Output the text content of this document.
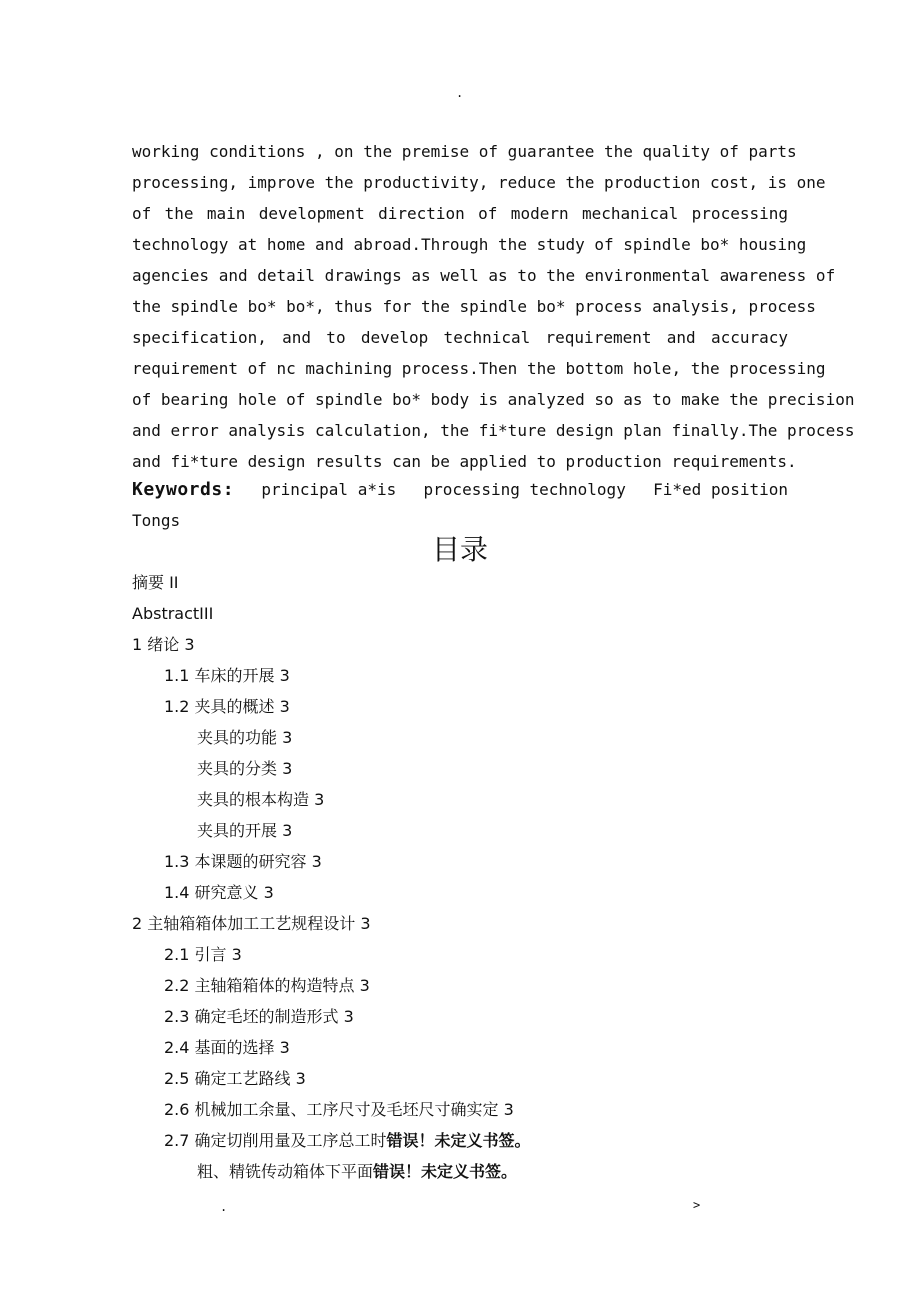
.
working conditions , on the premise of guarantee the quality of parts
processing, improve the productivity, reduce the production cost, is one
of the main development direction of modern mechanical processing
technology at home and abroad.Through the study of spindle bo* housing
agencies and detail drawings as well as to the environmental awareness of
the spindle bo* bo*, thus for the spindle bo* process analysis, process
specification, and to develop technical requirement and accuracy
requirement of nc machining process.Then the bottom hole, the processing
of bearing hole of spindle bo* body is analyzed so as to make the precision
and error analysis calculation, the fi*ture design plan finally.The process
and fi*ture design results can be applied to production requirements.
Keywords: principal a*is processing technology Fi*ed position
Tongs
目录
摘要 II
AbstractIII
1 绪论 3
1.1 车床的开展 3
1.2 夹具的概述 3
夹具的功能 3
夹具的分类 3
夹具的根本构造 3
夹具的开展 3
1.3 本课题的研究容 3
1.4 研究意义 3
2 主轴箱箱体加工工艺规程设计 3
2.1 引言 3
2.2 主轴箱箱体的构造特点 3
2.3 确定毛坯的制造形式 3
2.4 基面的选择 3
2.5 确定工艺路线 3
2.6 机械加工余量、工序尺寸及毛坯尺寸确实定 3
2.7 确定切削用量及工序总工时错误！未定义书签。
粗、精铣传动箱体下平面错误！未定义书签。
.	>
